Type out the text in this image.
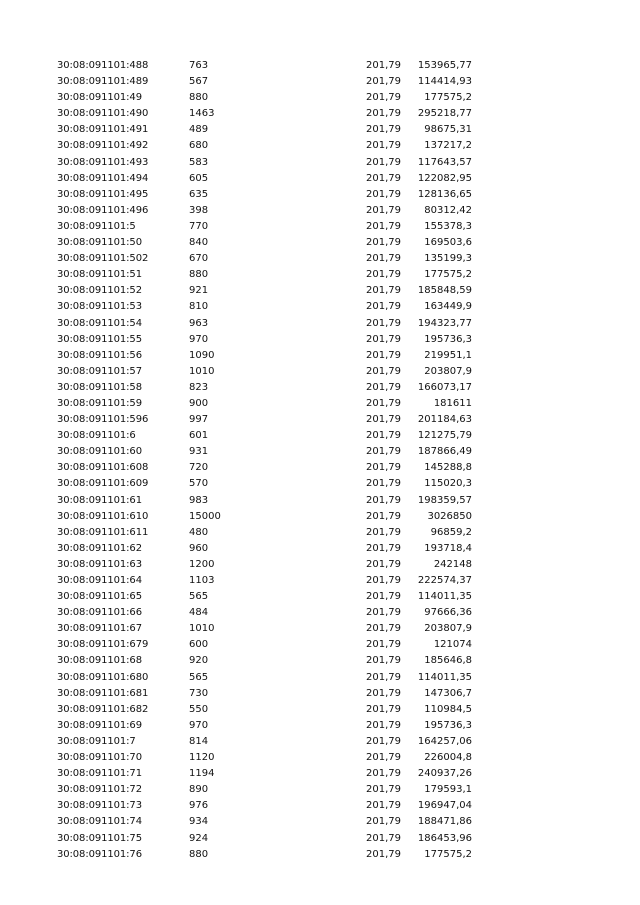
30:08:091101:488	763	201,79 153965,77
30:08:091101:489	567	201,79 114414,93
30:08:091101:49	880	201,79 177575,2
30:08:091101:490	1463	201,79 295218,77
30:08:091101:491	489	201,79 98675,31
30:08:091101:492	680	201,79 137217,2
30:08:091101:493	583	201,79 117643,57
30:08:091101:494	605	201,79 122082,95
30:08:091101:495	635	201,79 128136,65
30:08:091101:496	398	201,79 80312,42
30:08:091101:5	770	201,79 155378,3
30:08:091101:50	840	201,79 169503,6
30:08:091101:502	670	201,79 135199,3
30:08:091101:51	880	201,79 177575,2
30:08:091101:52	921	201,79 185848,59
30:08:091101:53	810	201,79 163449,9
30:08:091101:54	963	201,79 194323,77
30:08:091101:55	970	201,79 195736,3
30:08:091101:56	1090	201,79 219951,1
30:08:091101:57	1010	201,79 203807,9
30:08:091101:58	823	201,79 166073,17
30:08:091101:59	900	201,79	181611
30:08:091101:596	997	201,79 201184,63
30:08:091101:6	601	201,79 121275,79
30:08:091101:60	931	201,79 187866,49
30:08:091101:608	720	201,79 145288,8
30:08:091101:609	570	201,79 115020,3
30:08:091101:61	983	201,79 198359,57
30:08:091101:610	15000	201,79	3026850
30:08:091101:611	480	201,79	96859,2
30:08:091101:62	960	201,79 193718,4
30:08:091101:63	1200	201,79	242148
30:08:091101:64	1103	201,79 222574,37
30:08:091101:65	565	201,79 114011,35
30:08:091101:66	484	201,79 97666,36
30:08:091101:67	1010	201,79 203807,9
30:08:091101:679	600	201,79	121074
30:08:091101:68	920	201,79 185646,8
30:08:091101:680	565	201,79 114011,35
30:08:091101:681	730	201,79 147306,7
30:08:091101:682	550	201,79 110984,5
30:08:091101:69	970	201,79 195736,3
30:08:091101:7	814	201,79 164257,06
30:08:091101:70	1120	201,79 226004,8
30:08:091101:71	1194	201,79 240937,26
30:08:091101:72	890	201,79 179593,1
30:08:091101:73	976	201,79 196947,04
30:08:091101:74	934	201,79 188471,86
30:08:091101:75	924	201,79 186453,96
30:08:091101:76	880	201,79 177575,2
